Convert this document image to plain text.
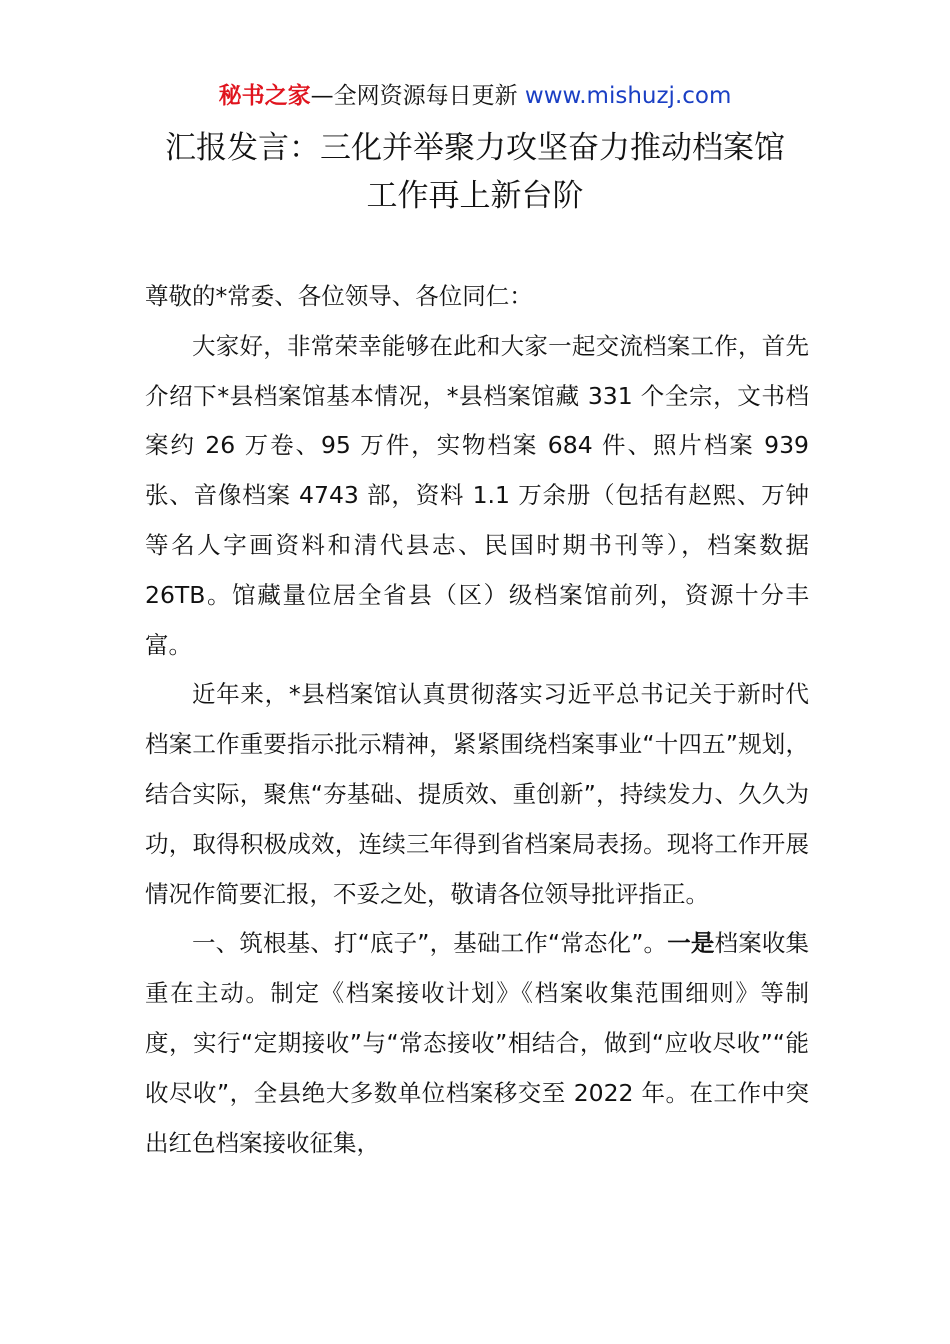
秘书之家—全网资源每日更新 www.mishuzj.com
汇报发言：三化并举聚力攻坚奋力推动档案馆
工作再上新台阶

尊敬的*常委、各位领导、各位同仁：

大家好，非常荣幸能够在此和大家一起交流档案工作，首先介绍下*县档案馆基本情况，*县档案馆藏 331 个全宗，文书档案约 26 万卷、95 万件，实物档案 684 件、照片档案 939 张、音像档案 4743 部，资料 1.1 万余册（包括有赵熙、万钟等名人字画资料和清代县志、民国时期书刊等），档案数据 26TB。馆藏量位居全省县（区）级档案馆前列，资源十分丰富。

近年来，*县档案馆认真贯彻落实习近平总书记关于新时代档案工作重要指示批示精神，紧紧围绕档案事业“十四五”规划，结合实际，聚焦“夯基础、提质效、重创新”，持续发力、久久为功，取得积极成效，连续三年得到省档案局表扬。现将工作开展情况作简要汇报，不妥之处，敬请各位领导批评指正。

一、筑根基、打“底子”，基础工作“常态化”。一是档案收集重在主动。制定《档案接收计划》《档案收集范围细则》等制度，实行“定期接收”与“常态接收”相结合，做到“应收尽收”“能收尽收”，全县绝大多数单位档案移交至 2022 年。在工作中突出红色档案接收征集，
